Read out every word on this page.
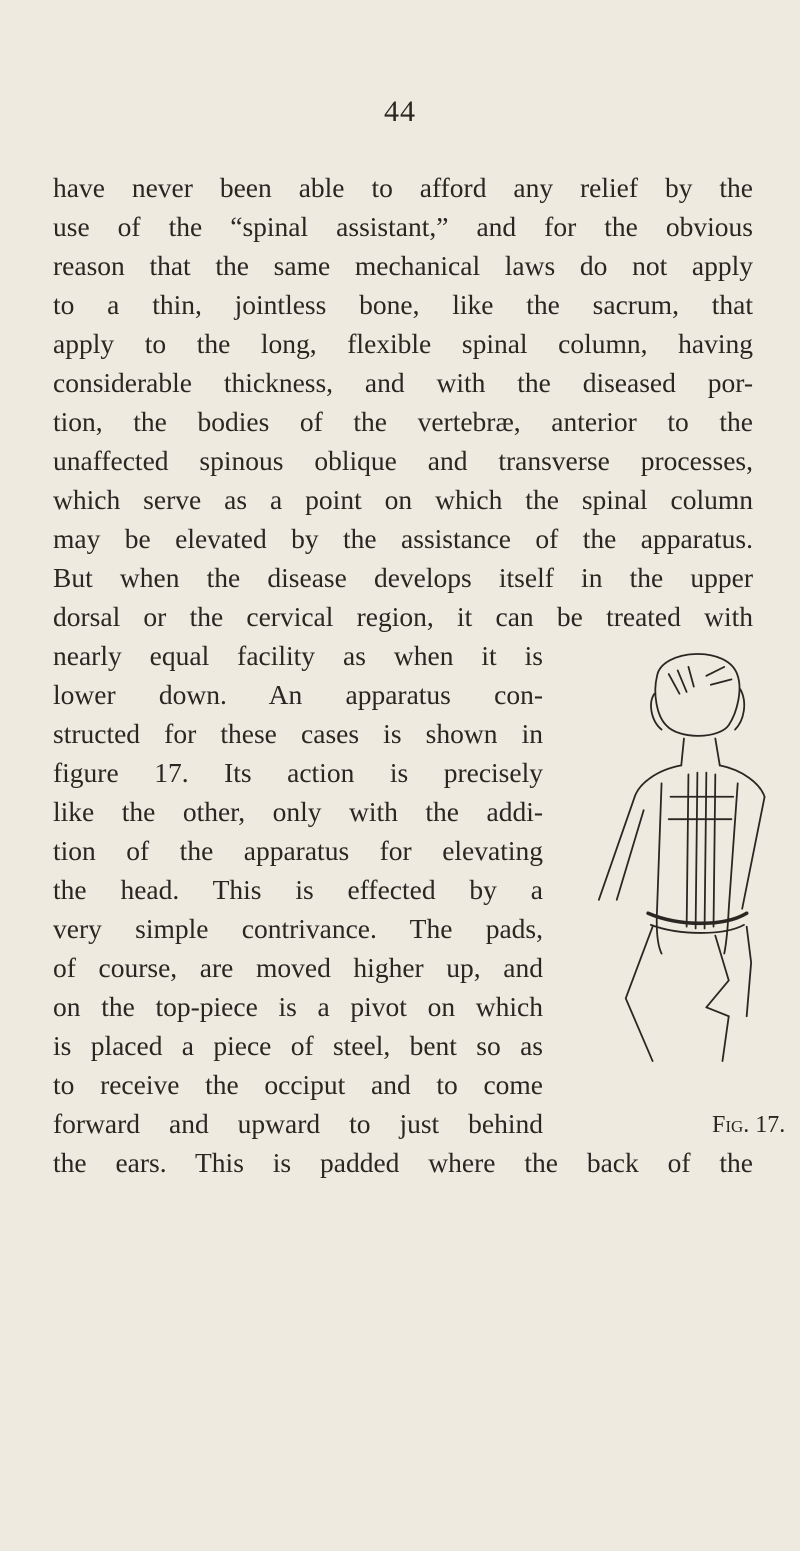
44
have never been able to afford any relief by the
use of the “spinal assistant,” and for the obvious
reason that the same mechanical laws do not apply
to a thin, jointless bone, like the sacrum, that
apply to the long, flexible spinal column, having
considerable thickness, and with the diseased por-
tion, the bodies of the vertebræ, anterior to the
unaffected spinous oblique and transverse processes,
which serve as a point on which the spinal column
may be elevated by the assistance of the apparatus.
But when the disease develops itself in the upper
dorsal or the cervical region, it can be treated with
nearly equal facility as when it is
lower down. An apparatus con-
structed for these cases is shown in
figure 17. Its action is precisely
like the other, only with the addi-
tion of the apparatus for elevating
the head. This is effected by a
very simple contrivance. The pads,
of course, are moved higher up, and
on the top-piece is a pivot on which
is placed a piece of steel, bent so as
to receive the occiput and to come
forward and upward to just behind
the ears. This is padded where the back of the
Fig. 17.
